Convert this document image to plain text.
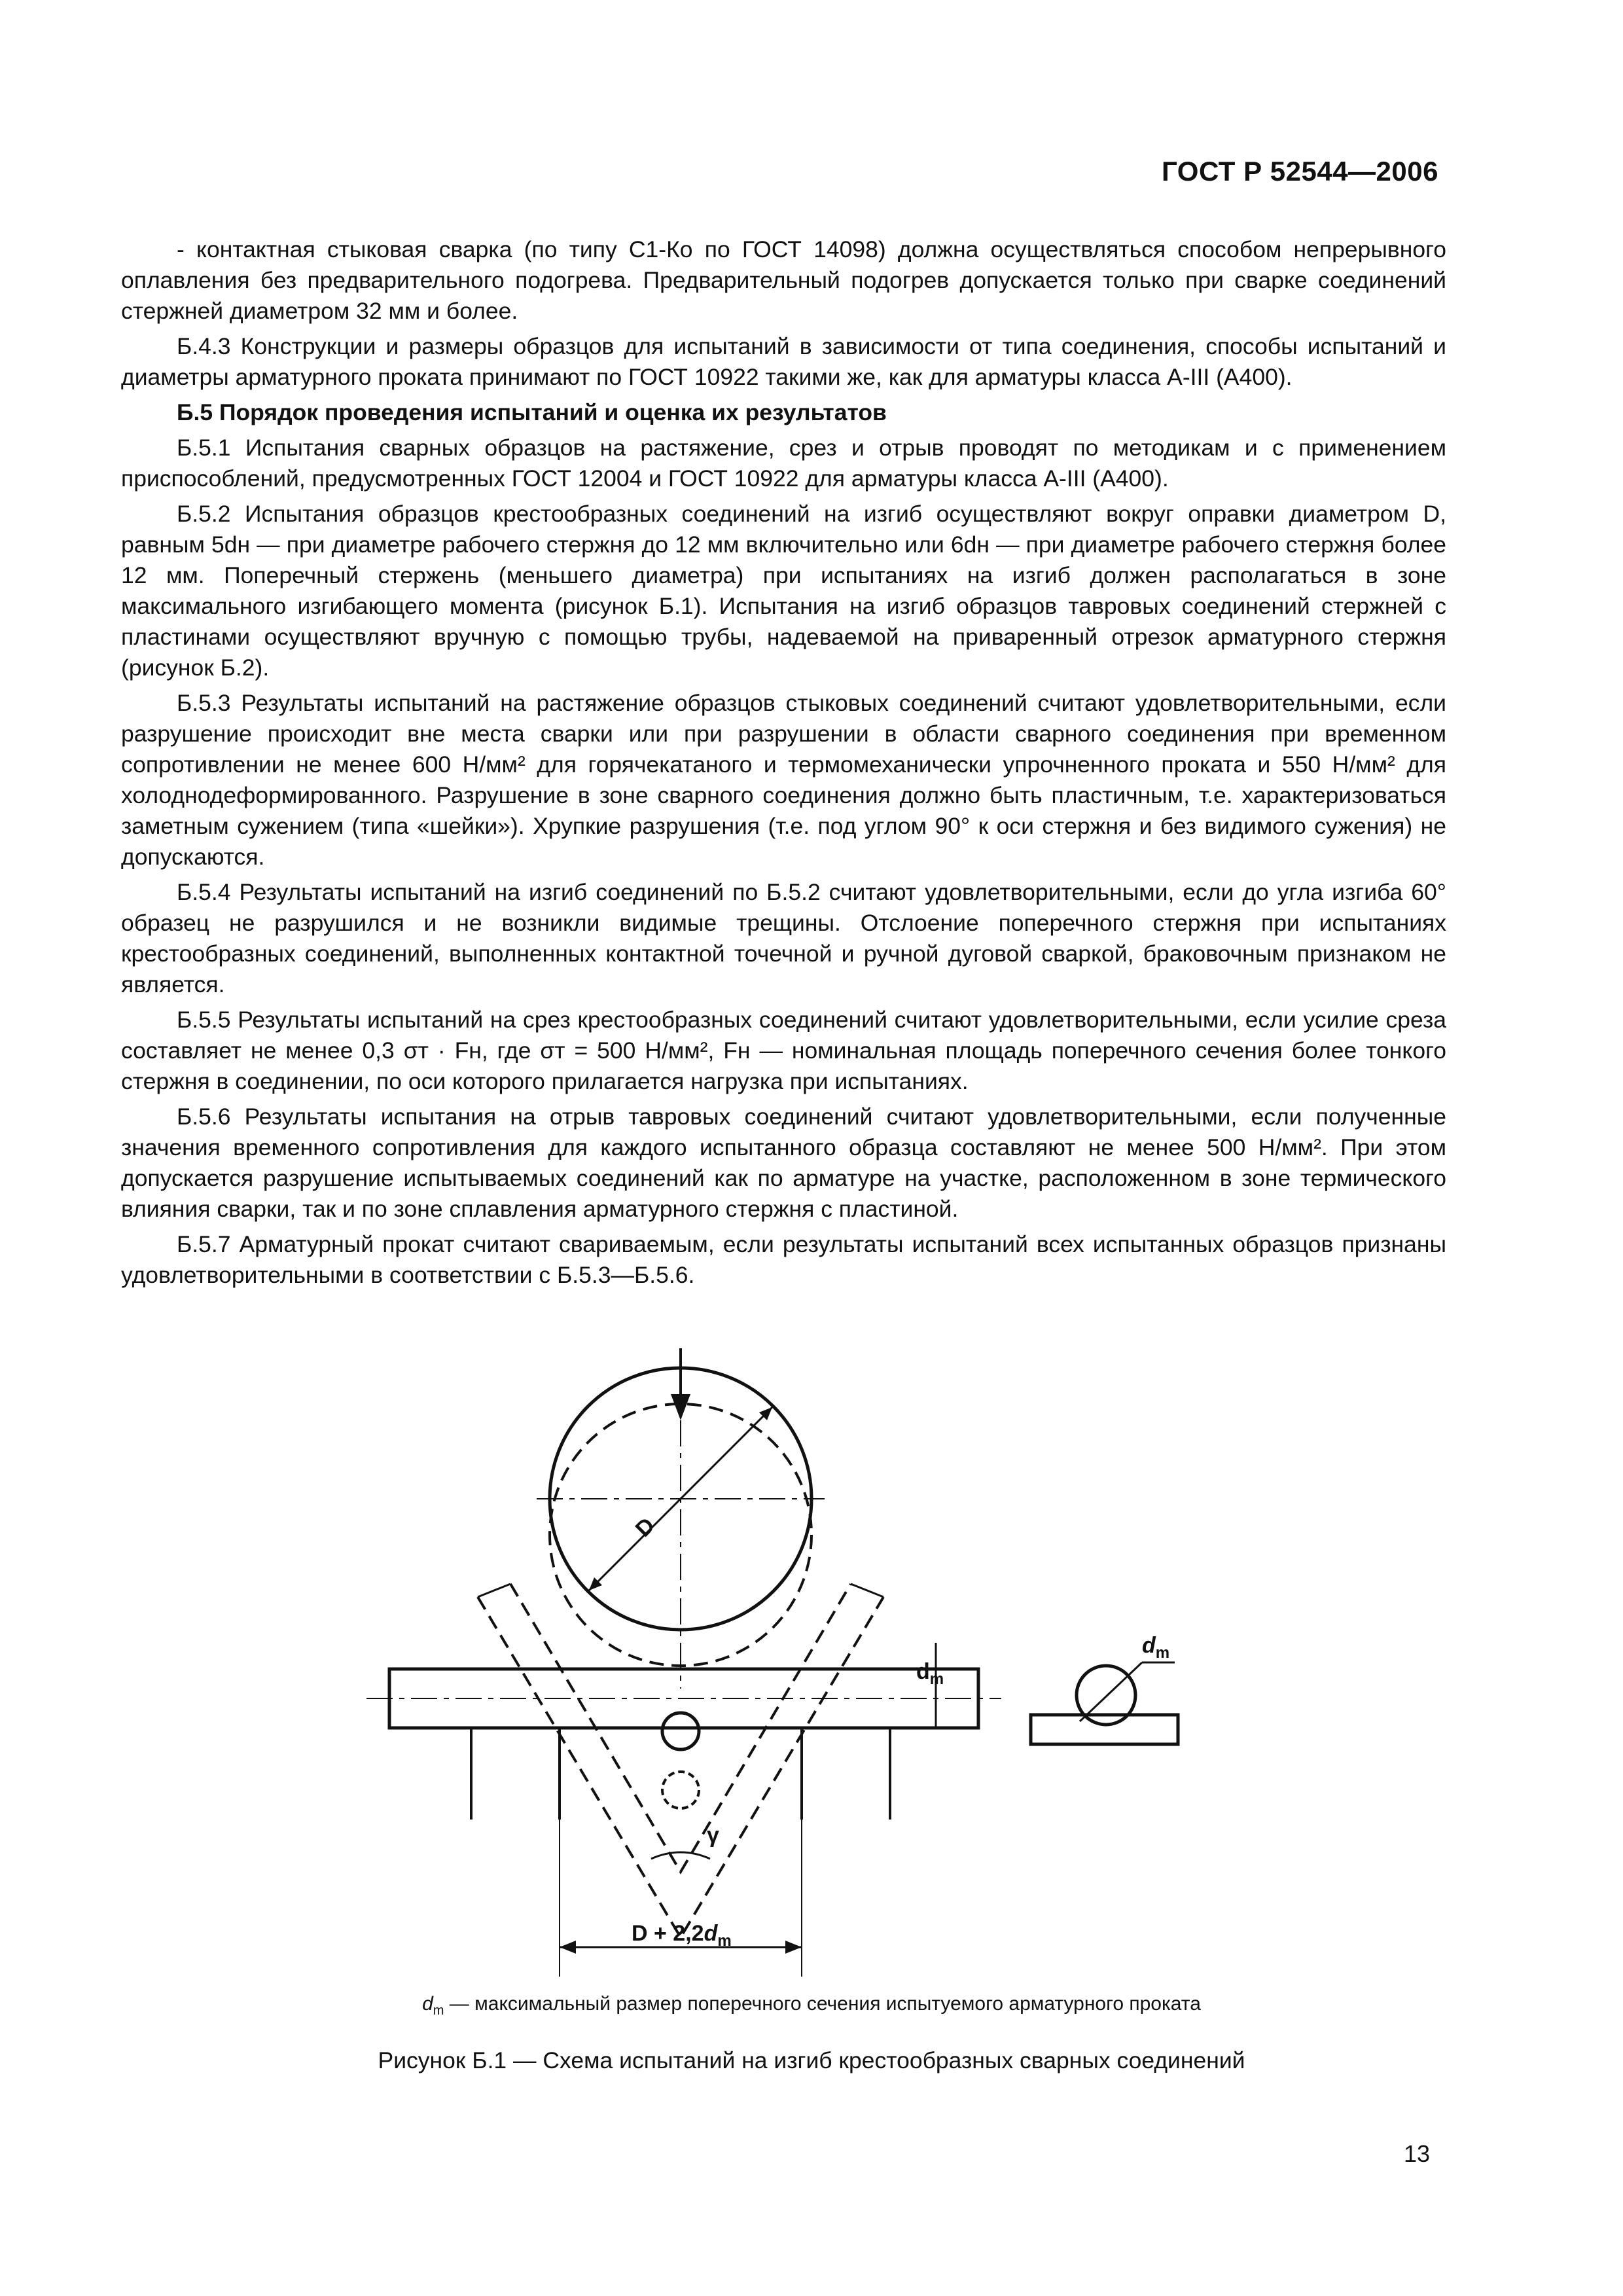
ГОСТ Р 52544—2006

- контактная стыковая сварка (по типу С1-Ко по ГОСТ 14098) должна осуществляться способом непрерывного оплавления без предварительного подогрева. Предварительный подогрев допускается только при сварке соединений стержней диаметром 32 мм и более.

Б.4.3 Конструкции и размеры образцов для испытаний в зависимости от типа соединения, способы испытаний и диаметры арматурного проката принимают по ГОСТ 10922 такими же, как для арматуры класса А-III (А400).

Б.5 Порядок проведения испытаний и оценка их результатов

Б.5.1 Испытания сварных образцов на растяжение, срез и отрыв проводят по методикам и с применением приспособлений, предусмотренных ГОСТ 12004 и ГОСТ 10922 для арматуры класса А-III (А400).

Б.5.2 Испытания образцов крестообразных соединений на изгиб осуществляют вокруг оправки диаметром D, равным 5dн — при диаметре рабочего стержня до 12 мм включительно или 6dн — при диаметре рабочего стержня более 12 мм. Поперечный стержень (меньшего диаметра) при испытаниях на изгиб должен располагаться в зоне максимального изгибающего момента (рисунок Б.1). Испытания на изгиб образцов тавровых соединений стержней с пластинами осуществляют вручную с помощью трубы, надеваемой на приваренный отрезок арматурного стержня (рисунок Б.2).

Б.5.3 Результаты испытаний на растяжение образцов стыковых соединений считают удовлетворительными, если разрушение происходит вне места сварки или при разрушении в области сварного соединения при временном сопротивлении не менее 600 Н/мм² для горячекатаного и термомеханически упрочненного проката и 550 Н/мм² для холоднодеформированного. Разрушение в зоне сварного соединения должно быть пластичным, т.е. характеризоваться заметным сужением (типа «шейки»). Хрупкие разрушения (т.е. под углом 90° к оси стержня и без видимого сужения) не допускаются.

Б.5.4 Результаты испытаний на изгиб соединений по Б.5.2 считают удовлетворительными, если до угла изгиба 60° образец не разрушился и не возникли видимые трещины. Отслоение поперечного стержня при испытаниях крестообразных соединений, выполненных контактной точечной и ручной дуговой сваркой, браковочным признаком не является.

Б.5.5 Результаты испытаний на срез крестообразных соединений считают удовлетворительными, если усилие среза составляет не менее 0,3 σт · Fн, где σт = 500 Н/мм², Fн — номинальная площадь поперечного сечения более тонкого стержня в соединении, по оси которого прилагается нагрузка при испытаниях.

Б.5.6 Результаты испытания на отрыв тавровых соединений считают удовлетворительными, если полученные значения временного сопротивления для каждого испытанного образца составляют не менее 500 Н/мм². При этом допускается разрушение испытываемых соединений как по арматуре на участке, расположенном в зоне термического влияния сварки, так и по зоне сплавления арматурного стержня с пластиной.

Б.5.7 Арматурный прокат считают свариваемым, если результаты испытаний всех испытанных образцов признаны удовлетворительными в соответствии с Б.5.3—Б.5.6.

D
γ
$d_m$
$D + 2,2d_m$
$d_m$
$d_m$ — максимальный размер поперечного сечения испытуемого арматурного проката
Рисунок Б.1 — Схема испытаний на изгиб крестообразных сварных соединений
13
